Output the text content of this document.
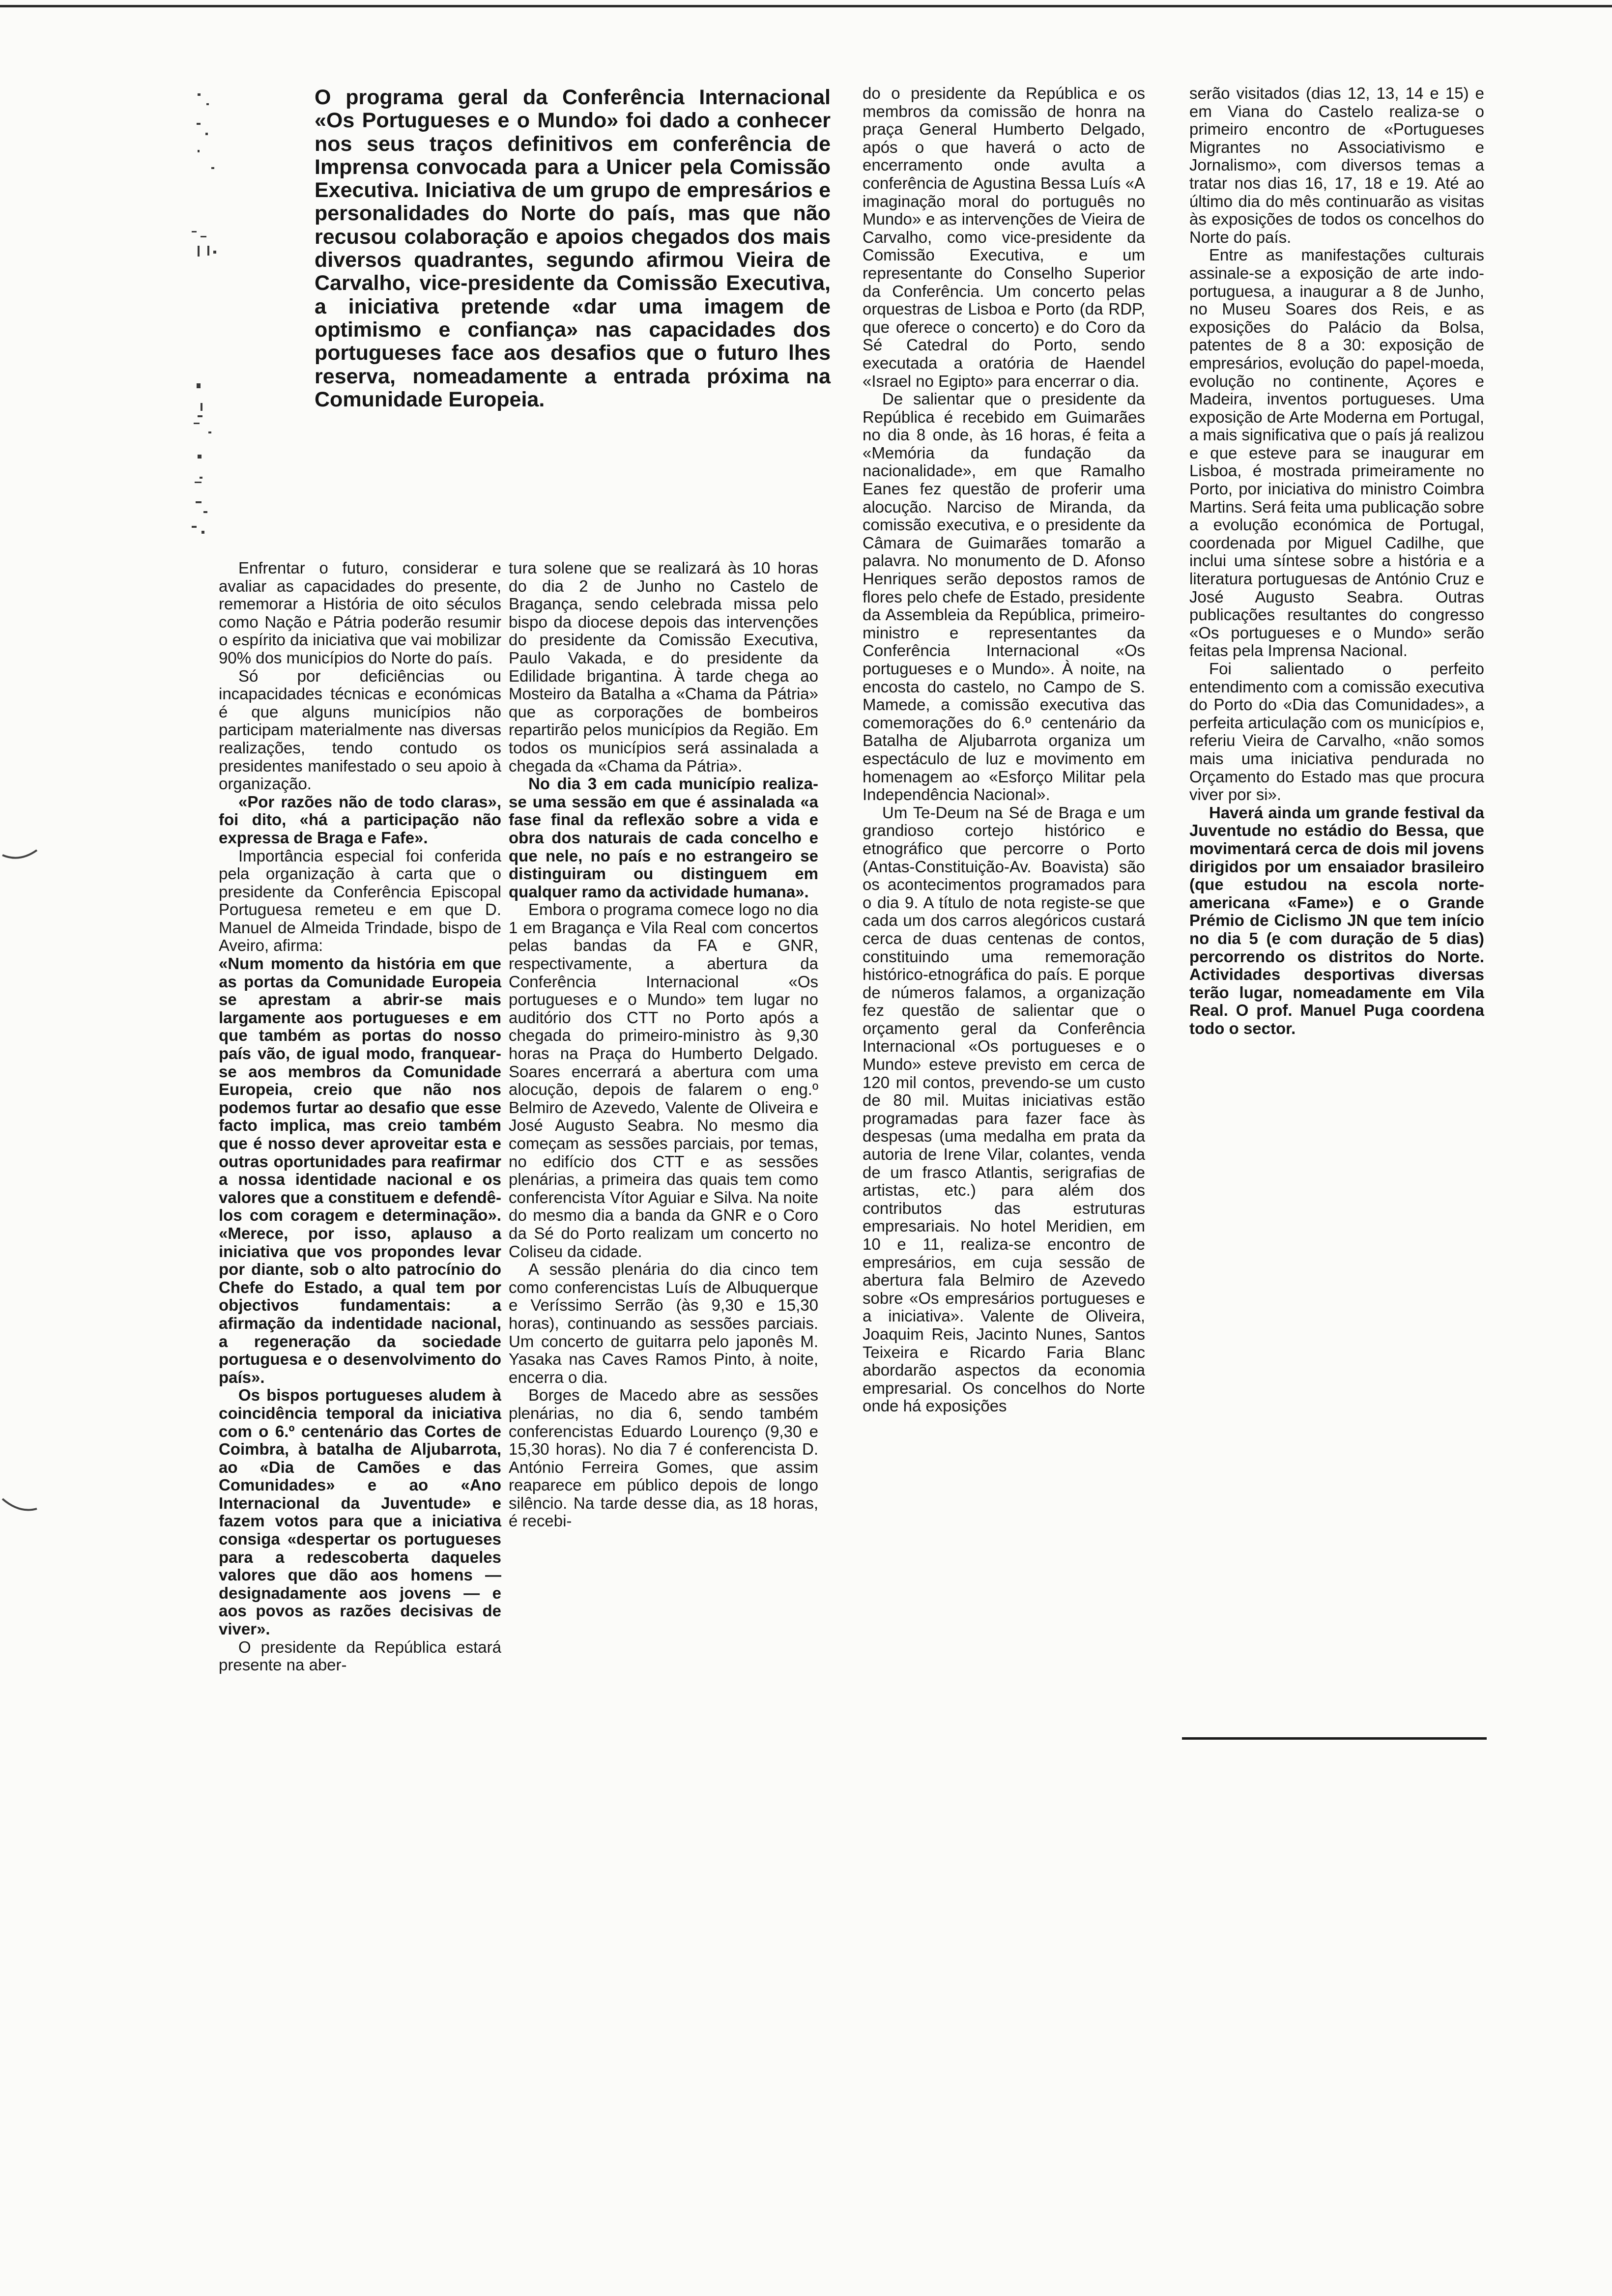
O programa geral da Conferência Internacional «Os Portugueses e o Mundo» foi dado a conhecer nos seus traços definitivos em conferência de Imprensa convocada para a Unicer pela Comissão Executiva. Iniciativa de um grupo de empresários e personalidades do Norte do país, mas que não recusou colaboração e apoios chegados dos mais diversos quadrantes, segundo afirmou Vieira de Carvalho, vice-presidente da Comissão Executiva, a iniciativa pretende «dar uma imagem de optimismo e confiança» nas capacidades dos portugueses face aos desafios que o futuro lhes reserva, nomeadamente a entrada próxima na Comunidade Europeia.

Enfrentar o futuro, considerar e avaliar as capacidades do presente, rememorar a História de oito séculos como Nação e Pátria poderão resumir o espírito da iniciativa que vai mobilizar 90% dos municípios do Norte do país.

Só por deficiências ou incapacidades técnicas e económicas é que alguns municípios não participam materialmente nas diversas realizações, tendo contudo os presidentes manifestado o seu apoio à organização.

«Por razões não de todo claras», foi dito, «há a participação não expressa de Braga e Fafe».

Importância especial foi conferida pela organização à carta que o presidente da Conferência Episcopal Portuguesa remeteu e em que D. Manuel de Almeida Trindade, bispo de Aveiro, afirma:

«Num momento da história em que as portas da Comunidade Europeia se aprestam a abrir-se mais largamente aos portugueses e em que também as portas do nosso país vão, de igual modo, franquear-se aos membros da Comunidade Europeia, creio que não nos podemos furtar ao desafio que esse facto implica, mas creio também que é nosso dever aproveitar esta e outras oportunidades para reafirmar a nossa identidade nacional e os valores que a constituem e defendê-los com coragem e determinação». «Merece, por isso, aplauso a iniciativa que vos propondes levar por diante, sob o alto patrocínio do Chefe do Estado, a qual tem por objectivos fundamentais: a afirmação da indentidade nacional, a regeneração da sociedade portuguesa e o desenvolvimento do país».

Os bispos portugueses aludem à coincidência temporal da iniciativa com o 6.º centenário das Cortes de Coimbra, à batalha de Aljubarrota, ao «Dia de Camões e das Comunidades» e ao «Ano Internacional da Juventude» e fazem votos para que a iniciativa consiga «despertar os portugueses para a redescoberta daqueles valores que dão aos homens — designadamente aos jovens — e aos povos as razões decisivas de viver».

O presidente da República estará presente na aber-

tura solene que se realizará às 10 horas do dia 2 de Junho no Castelo de Bragança, sendo celebrada missa pelo bispo da diocese depois das intervenções do presidente da Comissão Executiva, Paulo Vakada, e do presidente da Edilidade brigantina. À tarde chega ao Mosteiro da Batalha a «Chama da Pátria» que as corporações de bombeiros repartirão pelos municípios da Região. Em todos os municípios será assinalada a chegada da «Chama da Pátria».

No dia 3 em cada município realiza-se uma sessão em que é assinalada «a fase final da reflexão sobre a vida e obra dos naturais de cada concelho e que nele, no país e no estrangeiro se distinguiram ou distinguem em qualquer ramo da actividade humana».

Embora o programa comece logo no dia 1 em Bragança e Vila Real com concertos pelas bandas da FA e GNR, respectivamente, a abertura da Conferência Internacional «Os portugueses e o Mundo» tem lugar no auditório dos CTT no Porto após a chegada do primeiro-ministro às 9,30 horas na Praça do Humberto Delgado. Soares encerrará a abertura com uma alocução, depois de falarem o eng.º Belmiro de Azevedo, Valente de Oliveira e José Augusto Seabra. No mesmo dia começam as sessões parciais, por temas, no edifício dos CTT e as sessões plenárias, a primeira das quais tem como conferencista Vítor Aguiar e Silva. Na noite do mesmo dia a banda da GNR e o Coro da Sé do Porto realizam um concerto no Coliseu da cidade.

A sessão plenária do dia cinco tem como conferencistas Luís de Albuquerque e Veríssimo Serrão (às 9,30 e 15,30 horas), continuando as sessões parciais. Um concerto de guitarra pelo japonês M. Yasaka nas Caves Ramos Pinto, à noite, encerra o dia.

Borges de Macedo abre as sessões plenárias, no dia 6, sendo também conferencistas Eduardo Lourenço (9,30 e 15,30 horas). No dia 7 é conferencista D. António Ferreira Gomes, que assim reaparece em público depois de longo silêncio. Na tarde desse dia, as 18 horas, é recebi-

do o presidente da República e os membros da comissão de honra na praça General Humberto Delgado, após o que haverá o acto de encerramento onde avulta a conferência de Agustina Bessa Luís «A imaginação moral do português no Mundo» e as intervenções de Vieira de Carvalho, como vice-presidente da Comissão Executiva, e um representante do Conselho Superior da Conferência. Um concerto pelas orquestras de Lisboa e Porto (da RDP, que oferece o concerto) e do Coro da Sé Catedral do Porto, sendo executada a oratória de Haendel «Israel no Egipto» para encerrar o dia.

De salientar que o presidente da República é recebido em Guimarães no dia 8 onde, às 16 horas, é feita a «Memória da fundação da nacionalidade», em que Ramalho Eanes fez questão de proferir uma alocução. Narciso de Miranda, da comissão executiva, e o presidente da Câmara de Guimarães tomarão a palavra. No monumento de D. Afonso Henriques serão depostos ramos de flores pelo chefe de Estado, presidente da Assembleia da República, primeiro-ministro e representantes da Conferência Internacional «Os portugueses e o Mundo». À noite, na encosta do castelo, no Campo de S. Mamede, a comissão executiva das comemorações do 6.º centenário da Batalha de Aljubarrota organiza um espectáculo de luz e movimento em homenagem ao «Esforço Militar pela Independência Nacional».

Um Te-Deum na Sé de Braga e um grandioso cortejo histórico e etnográfico que percorre o Porto (Antas-Constituição-Av. Boavista) são os acontecimentos programados para o dia 9. A título de nota registe-se que cada um dos carros alegóricos custará cerca de duas centenas de contos, constituindo uma rememoração histórico-etnográfica do país. E porque de números falamos, a organização fez questão de salientar que o orçamento geral da Conferência Internacional «Os portugueses e o Mundo» esteve previsto em cerca de 120 mil contos, prevendo-se um custo de 80 mil. Muitas iniciativas estão programadas para fazer face às despesas (uma medalha em prata da autoria de Irene Vilar, colantes, venda de um frasco Atlantis, serigrafias de artistas, etc.) para além dos contributos das estruturas empresariais. No hotel Meridien, em 10 e 11, realiza-se encontro de empresários, em cuja sessão de abertura fala Belmiro de Azevedo sobre «Os empresários portugueses e a iniciativa». Valente de Oliveira, Joaquim Reis, Jacinto Nunes, Santos Teixeira e Ricardo Faria Blanc abordarão aspectos da economia empresarial. Os concelhos do Norte onde há exposições

serão visitados (dias 12, 13, 14 e 15) e em Viana do Castelo realiza-se o primeiro encontro de «Portugueses Migrantes no Associativismo e Jornalismo», com diversos temas a tratar nos dias 16, 17, 18 e 19. Até ao último dia do mês continuarão as visitas às exposições de todos os concelhos do Norte do país.

Entre as manifestações culturais assinale-se a exposição de arte indo-portuguesa, a inaugurar a 8 de Junho, no Museu Soares dos Reis, e as exposições do Palácio da Bolsa, patentes de 8 a 30: exposição de empresários, evolução do papel-moeda, evolução no continente, Açores e Madeira, inventos portugueses. Uma exposição de Arte Moderna em Portugal, a mais significativa que o país já realizou e que esteve para se inaugurar em Lisboa, é mostrada primeiramente no Porto, por iniciativa do ministro Coimbra Martins. Será feita uma publicação sobre a evolução económica de Portugal, coordenada por Miguel Cadilhe, que inclui uma síntese sobre a história e a literatura portuguesas de António Cruz e José Augusto Seabra. Outras publicações resultantes do congresso «Os portugueses e o Mundo» serão feitas pela Imprensa Nacional.

Foi salientado o perfeito entendimento com a comissão executiva do Porto do «Dia das Comunidades», a perfeita articulação com os municípios e, referiu Vieira de Carvalho, «não somos mais uma iniciativa pendurada no Orçamento do Estado mas que procura viver por si».

Haverá ainda um grande festival da Juventude no estádio do Bessa, que movimentará cerca de dois mil jovens dirigidos por um ensaiador brasileiro (que estudou na escola norte-americana «Fame») e o Grande Prémio de Ciclismo JN que tem início no dia 5 (e com duração de 5 dias) percorrendo os distritos do Norte. Actividades desportivas diversas terão lugar, nomeadamente em Vila Real. O prof. Manuel Puga coordena todo o sector.
